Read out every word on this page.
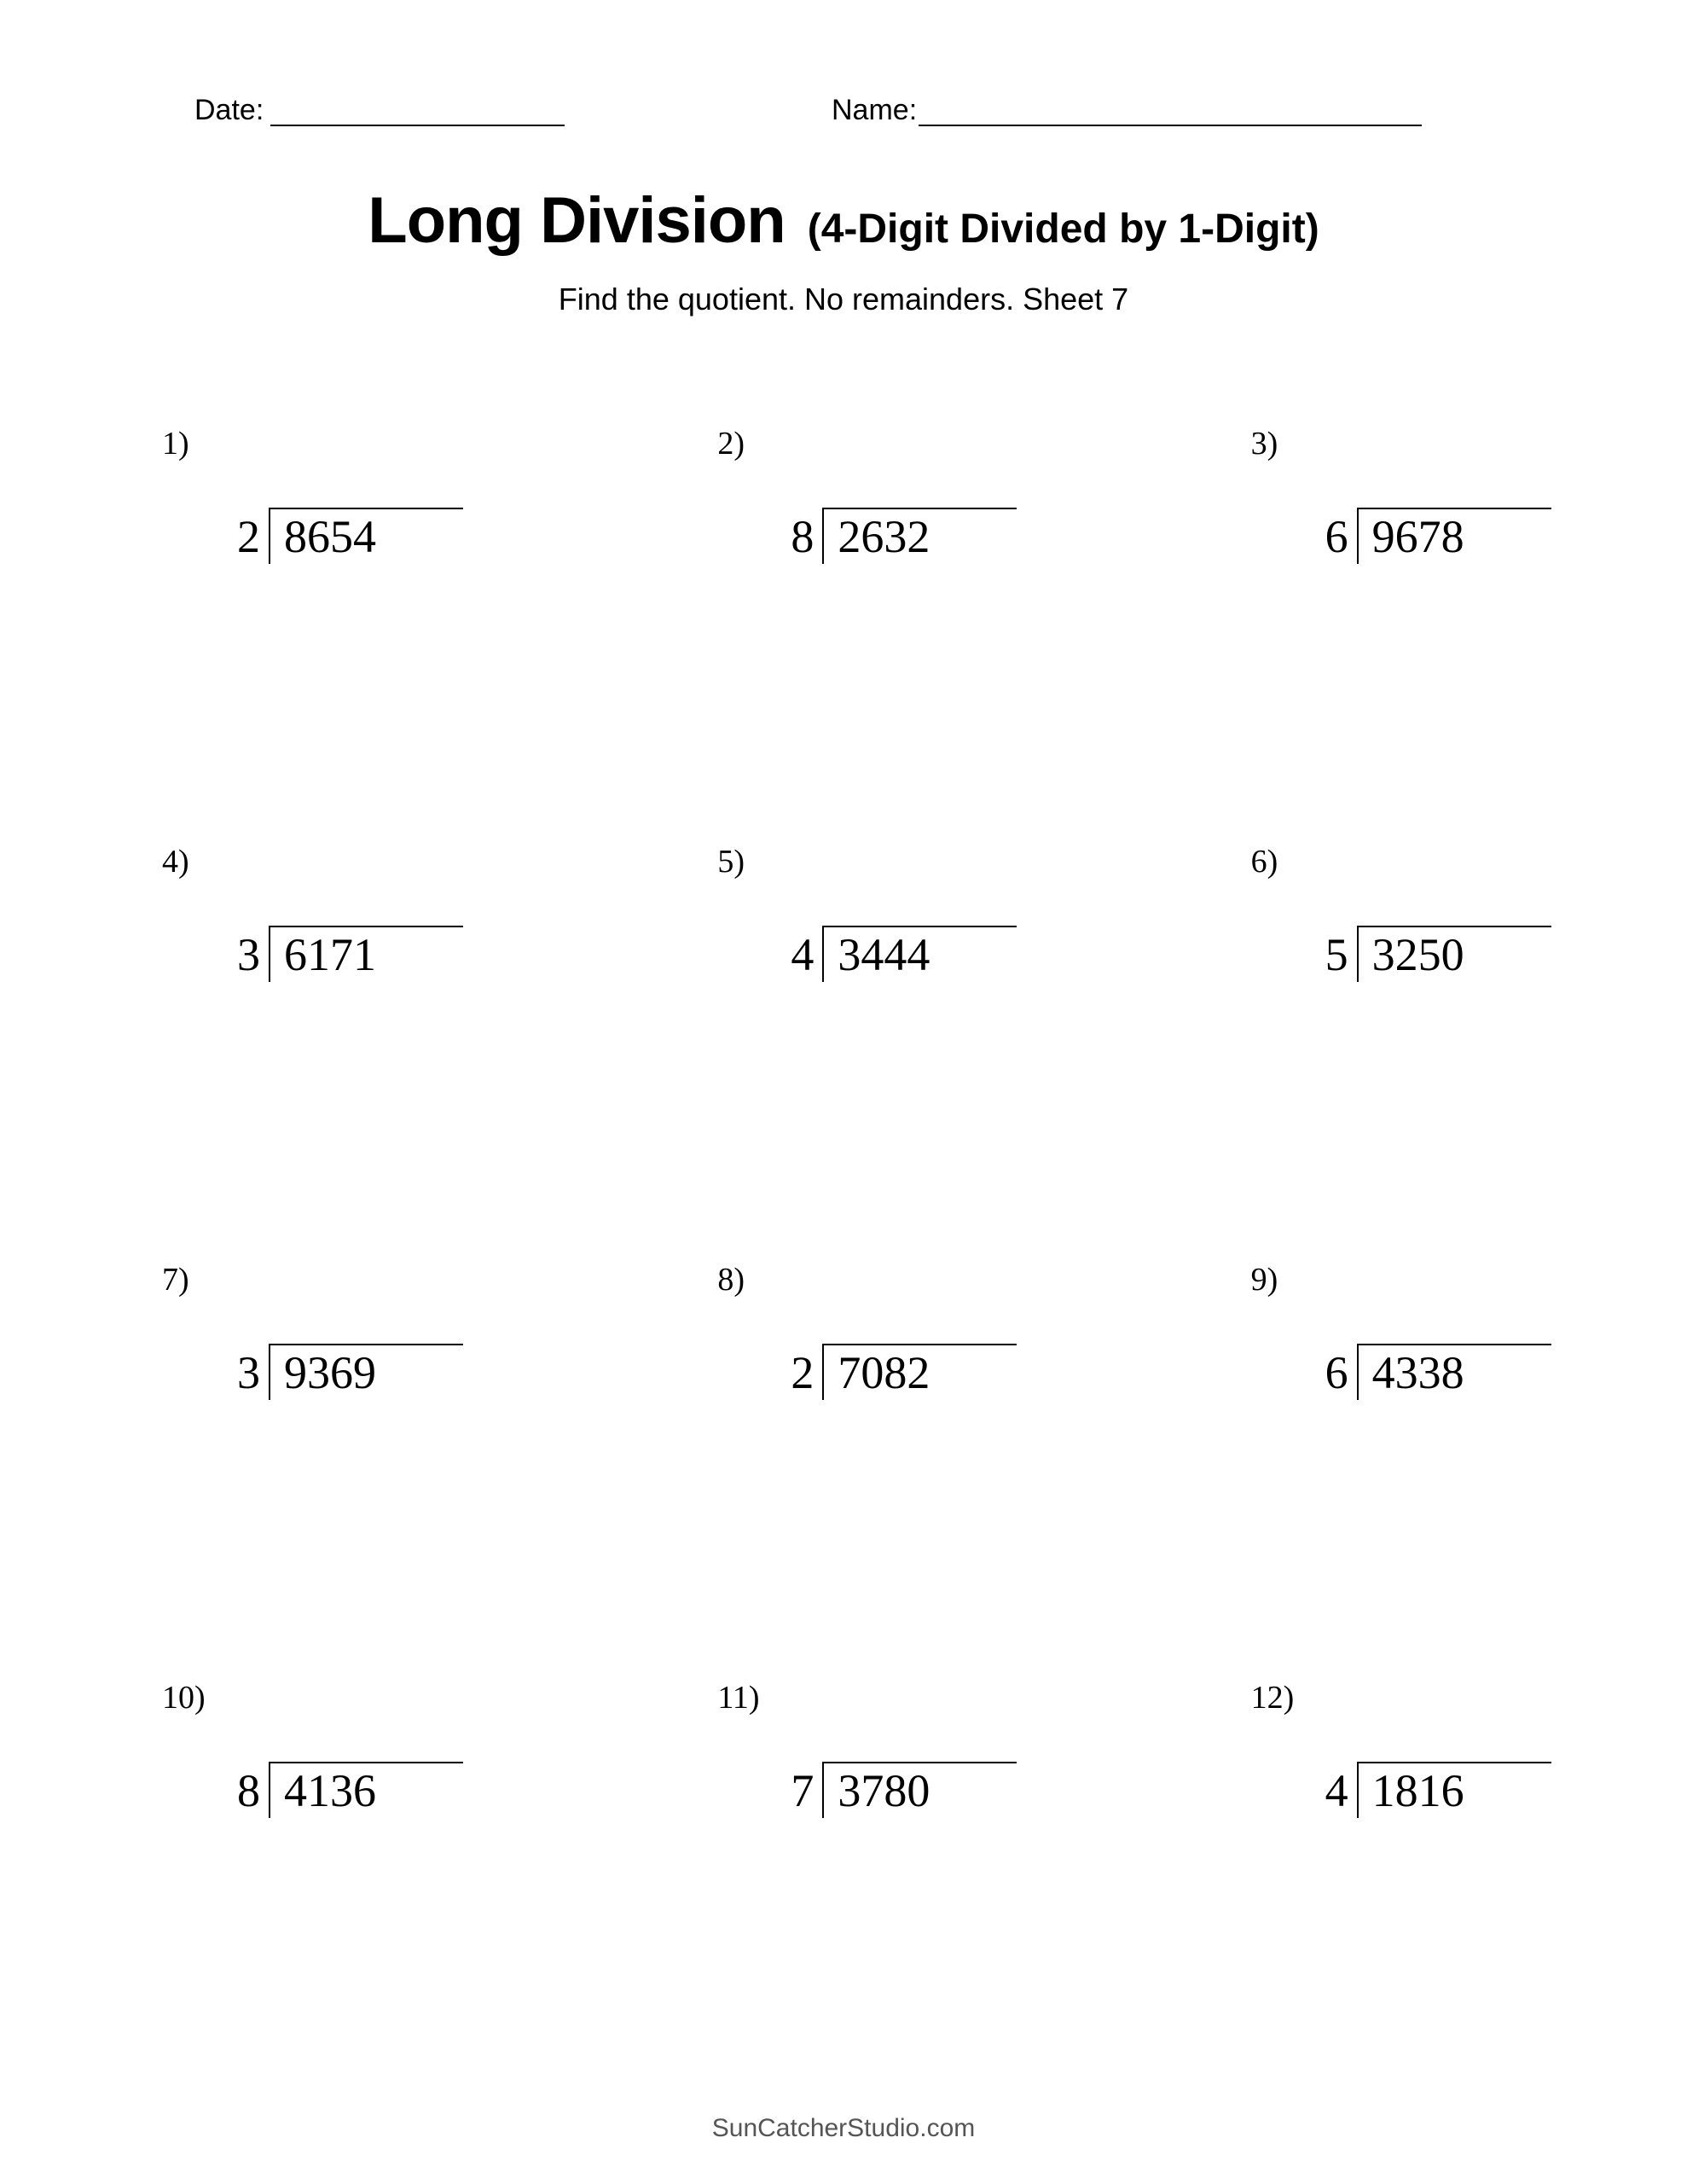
Date:	Name:
Long Division (4-Digit Divided by 1-Digit)
Find the quotient. No remainders. Sheet 7
1)
2 8654
2)
8 2632
3)
6 9678
4)
3 6171
5)
4 3444
6)
5 3250
7)
3 9369
8)
2 7082
9)
6 4338
10)
8 4136
11)
7 3780
12)
4 1816
SunCatcherStudio.com
